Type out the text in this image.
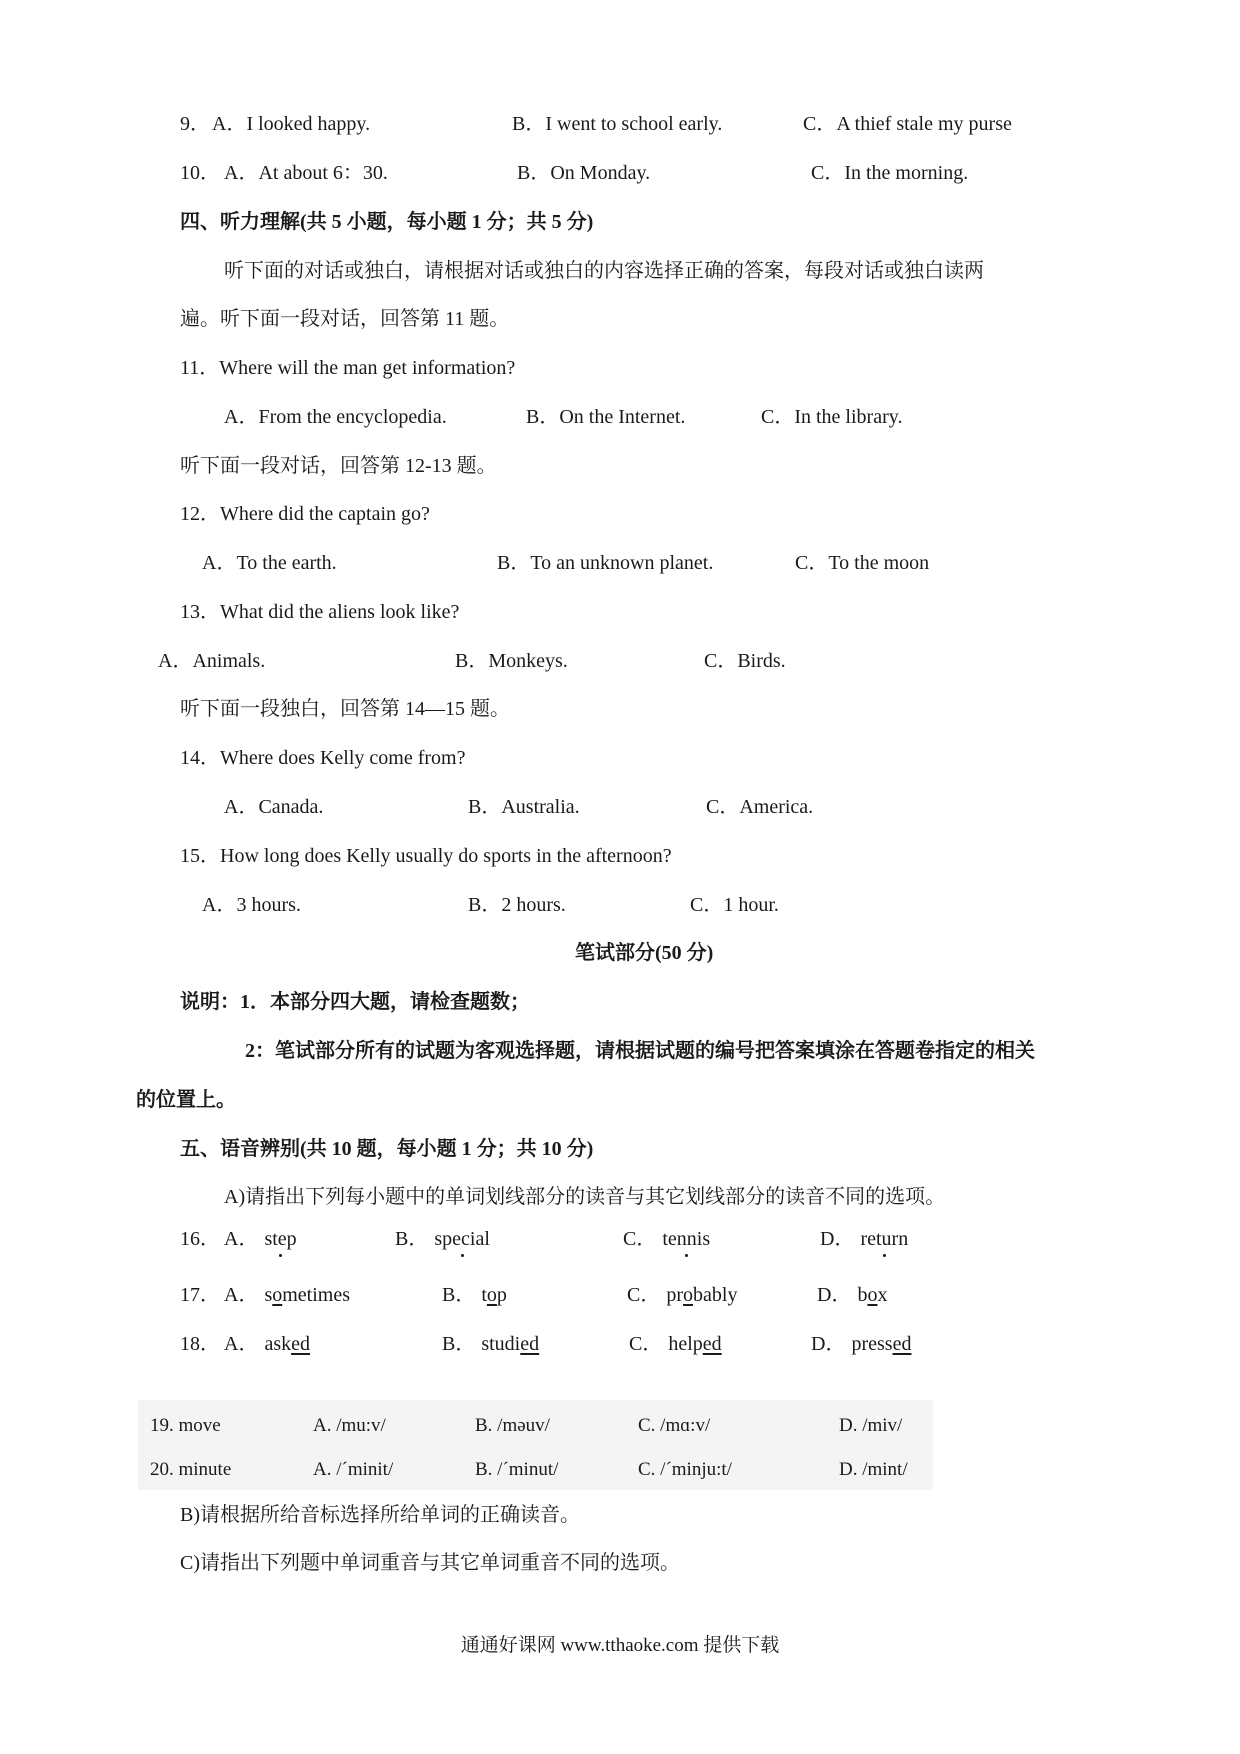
9． A．I looked happy.	B．I went to school early.	C．A thief stale my purse
10． A．At about 6：30.	B．On Monday.	C．In the morning.
四、听力理解(共 5 小题，每小题 1 分；共 5 分)
听下面的对话或独白，请根据对话或独白的内容选择正确的答案，每段对话或独白读两
遍。听下面一段对话，回答第 11 题。
11．Where will the man get information?
A．From the encyclopedia.	B．On the Internet.	C．In the library.
听下面一段对话，回答第 12-13 题。
12．Where did the captain go?
A．To the earth.	B．To an unknown planet.	C．To the moon
13．What did the aliens look like?
A．Animals.	B．Monkeys.	C．Birds.
听下面一段独白，回答第 14—15 题。
14．Where does Kelly come from?
A．Canada.	B．Australia.	C．America.
15．How long does Kelly usually do sports in the afternoon?
A．3 hours.	B．2 hours.	C．1 hour.
笔试部分(50 分)
说明：1．本部分四大题，请检查题数；
2：笔试部分所有的试题为客观选择题，请根据试题的编号把答案填涂在答题卷指定的相关
的位置上。
五、语音辨别(共 10 题，每小题 1 分；共 10 分)
A)请指出下列每小题中的单词划线部分的读音与其它划线部分的读音不同的选项。
16． A． step	B． special	C． tennis	D． return
17． A． sometimes	B． top	C． probably	D． box
18． A． asked	B． studied	C． helped	D． pressed
19. move	A. /mu:v/	B. /məuv/	C. /mɑ:v/	D. /miv/
20. minute	A. /ˊminit/	B. /ˊminut/	C. /ˊminju:t/	D. /mint/
B)请根据所给音标选择所给单词的正确读音。
C)请指出下列题中单词重音与其它单词重音不同的选项。
通通好课网 www.tthaoke.com 提供下载
